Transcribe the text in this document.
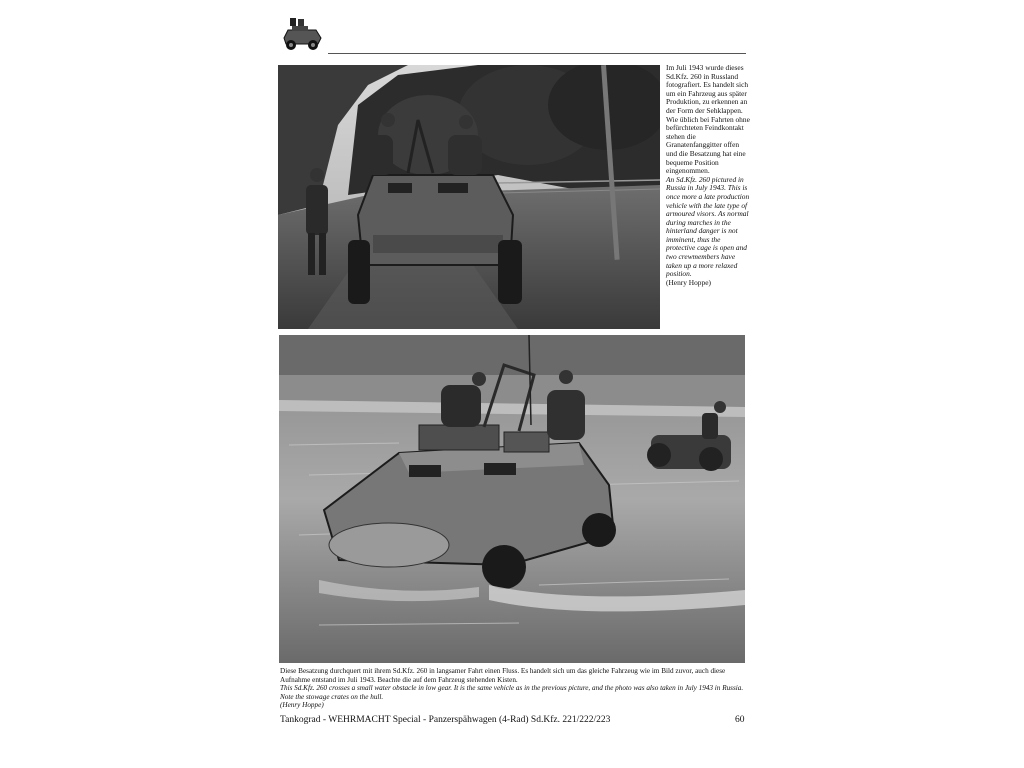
Im Juli 1943 wurde dieses Sd.Kfz. 260 in Russland fotografiert. Es handelt sich um ein Fahrzeug aus später Produktion, zu erkennen an der Form der Sehklappen. Wie üblich bei Fahrten ohne befürchteten Feindkontakt stehen die Granatenfanggitter offen und die Besatzung hat eine bequeme Position eingenommen.

An Sd.Kfz. 260 pictured in Russia in July 1943. This is once more a late production vehicle with the late type of armoured visors. As normal during marches in the hinterland danger is not imminent, thus the protective cage is open and two crewmembers have taken up a more relaxed position.

(Henry Hoppe)

Diese Besatzung durchquert mit ihrem Sd.Kfz. 260 in langsamer Fahrt einen Fluss. Es handelt sich um das gleiche Fahrzeug wie im Bild zuvor, auch diese Aufnahme entstand im Juli 1943. Beachte die auf dem Fahrzeug stehenden Kisten.

This Sd.Kfz. 260 crosses a small water obstacle in low gear. It is the same vehicle as in the previous picture, and the photo was also taken in July 1943 in Russia. Note the stowage crates on the hull.

(Henry Hoppe)

Tankograd - WEHRMACHT Special - Panzerspähwagen (4-Rad) Sd.Kfz. 221/222/223	60
